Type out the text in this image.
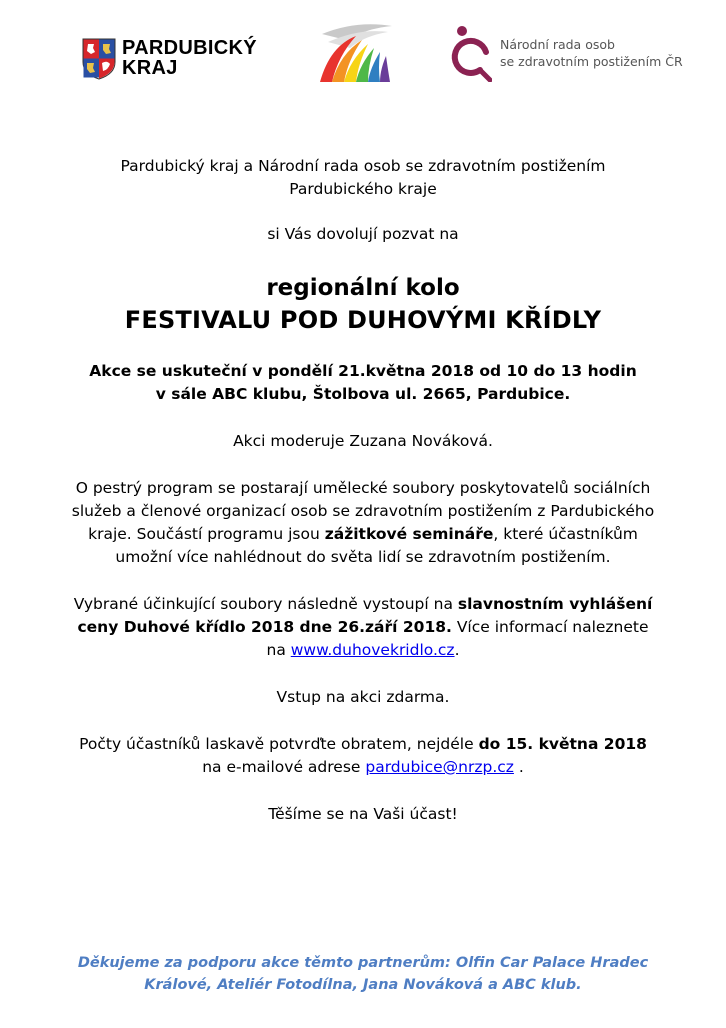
PARDUBICKÝ
KRAJ
Národní rada osob
se zdravotním postižením ČR

Pardubický kraj a Národní rada osob se zdravotním postižením

Pardubického kraje

si Vás dovolují pozvat na

regionální kolo

FESTIVALU POD DUHOVÝMI KŘÍDLY

Akce se uskuteční v pondělí 21.května 2018 od 10 do 13 hodin

v sále ABC klubu, Štolbova ul. 2665, Pardubice.

Akci moderuje Zuzana Nováková.

O pestrý program se postarají umělecké soubory poskytovatelů sociálních

služeb a členové organizací osob se zdravotním postižením z Pardubického

kraje. Součástí programu jsou zážitkové semináře, které účastníkům

umožní více nahlédnout do světa lidí se zdravotním postižením.

Vybrané účinkující soubory následně vystoupí na slavnostním vyhlášení

ceny Duhové křídlo 2018 dne 26.září 2018. Více informací naleznete

na www.duhovekridlo.cz.

Vstup na akci zdarma.

Počty účastníků laskavě potvrďte obratem, nejdéle do 15. května 2018

na e-mailové adrese pardubice@nrzp.cz .

Těšíme se na Vaši účast!

Děkujeme za podporu akce těmto partnerům: Olfin Car Palace Hradec
Králové, Ateliér Fotodílna, Jana Nováková a ABC klub.
